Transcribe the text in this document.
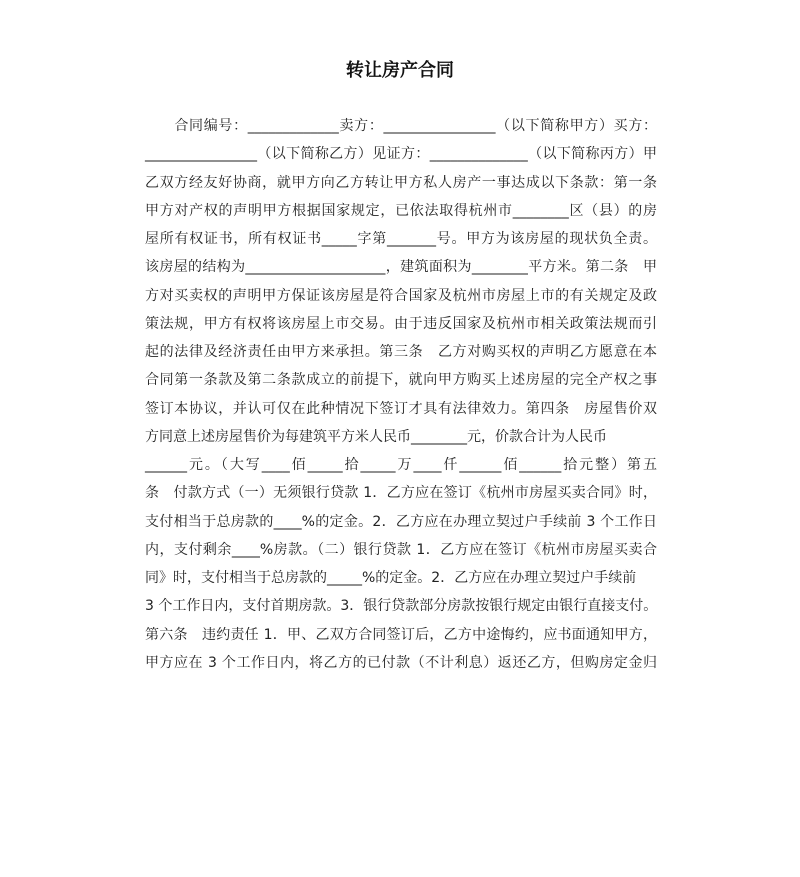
转让房产合同
　　合同编号：_____________卖方：________________（以下简称甲方）买方：
________________（以下简称乙方）见证方：______________（以下简称丙方）甲
乙双方经友好协商，就甲方向乙方转让甲方私人房产一事达成以下条款：第一条
甲方对产权的声明甲方根据国家规定，已依法取得杭州市________区（县）的房
屋所有权证书，所有权证书_____字第_______号。甲方为该房屋的现状负全责。
该房屋的结构为____________________，建筑面积为________平方米。第二条　甲
方对买卖权的声明甲方保证该房屋是符合国家及杭州市房屋上市的有关规定及政
策法规，甲方有权将该房屋上市交易。由于违反国家及杭州市相关政策法规而引
起的法律及经济责任由甲方来承担。第三条　乙方对购买权的声明乙方愿意在本
合同第一条款及第二条款成立的前提下，就向甲方购买上述房屋的完全产权之事
签订本协议，并认可仅在此种情况下签订才具有法律效力。第四条　房屋售价双
方同意上述房屋售价为每建筑平方米人民币________元，价款合计为人民币
______元。（大写____佰_____拾_____万____仟______佰______拾元整）第五
条　付款方式（一）无须银行贷款 1．乙方应在签订《杭州市房屋买卖合同》时，
支付相当于总房款的____%的定金。2．乙方应在办理立契过户手续前 3 个工作日
内，支付剩余____%房款。（二）银行贷款 1．乙方应在签订《杭州市房屋买卖合
同》时，支付相当于总房款的_____%的定金。2．乙方应在办理立契过户手续前
3 个工作日内，支付首期房款。3．银行贷款部分房款按银行规定由银行直接支付。
第六条　违约责任 1．甲、乙双方合同签订后，乙方中途悔约，应书面通知甲方，
甲方应在 3 个工作日内，将乙方的已付款（不计利息）返还乙方，但购房定金归
